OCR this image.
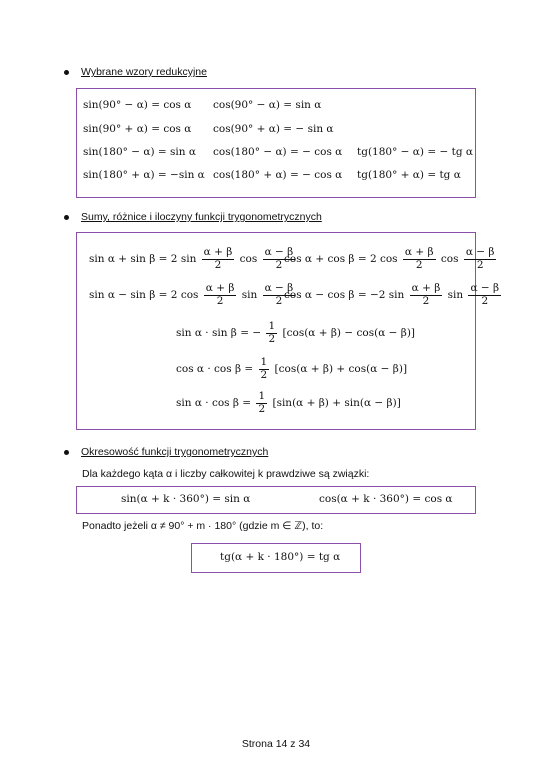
Wybrane wzory redukcyjne
sin(90° − α) = cos α cos(90° − α) = sin α
sin(90° + α) = cos α cos(90° + α) = − sin α
sin(180° − α) = sin α cos(180° − α) = − cos α tg(180° − α) = − tg α
sin(180° + α) = −sin α cos(180° + α) = − cos α tg(180° + α) = tg α
Sumy, różnice i iloczyny funkcji trygonometrycznych
sin α + sin β = 2 $\sin \frac{\alpha + \beta}{2}$ $\cos \frac{\alpha - \beta}{2}$
cos α + cos β = 2 $\cos \frac{\alpha + \beta}{2}$ $\cos \frac{\alpha - \beta}{2}$
sin α − sin β = 2 $\cos \frac{\alpha + \beta}{2}$ $\sin \frac{\alpha - \beta}{2}$
cos α − cos β = −2 $\sin \frac{\alpha + \beta}{2}$ $\sin \frac{\alpha - \beta}{2}$
sin α · sin β = − $\frac{1}{2} [\cos(\alpha + \beta) - \cos(\alpha - \beta)]$
$\cos \alpha \cdot \cos \beta = \frac{1}{2} [\cos(\alpha + \beta) + \cos(\alpha - \beta)]$
$\sin \alpha \cdot \cos \beta = \frac{1}{2} [\sin(\alpha + \beta) + \sin(\alpha - \beta)]$
Okresowość funkcji trygonometrycznych
Dla każdego kąta α i liczby całkowitej k prawdziwe są związki:
sin(α + k · 360°) = sin α	cos(α + k · 360°) = cos α
Ponadto jeżeli α ≠ 90° + m · 180° (gdzie m ∈ ℤ), to:
tg(α + k · 180°) = tg α
Strona 14 z 34
